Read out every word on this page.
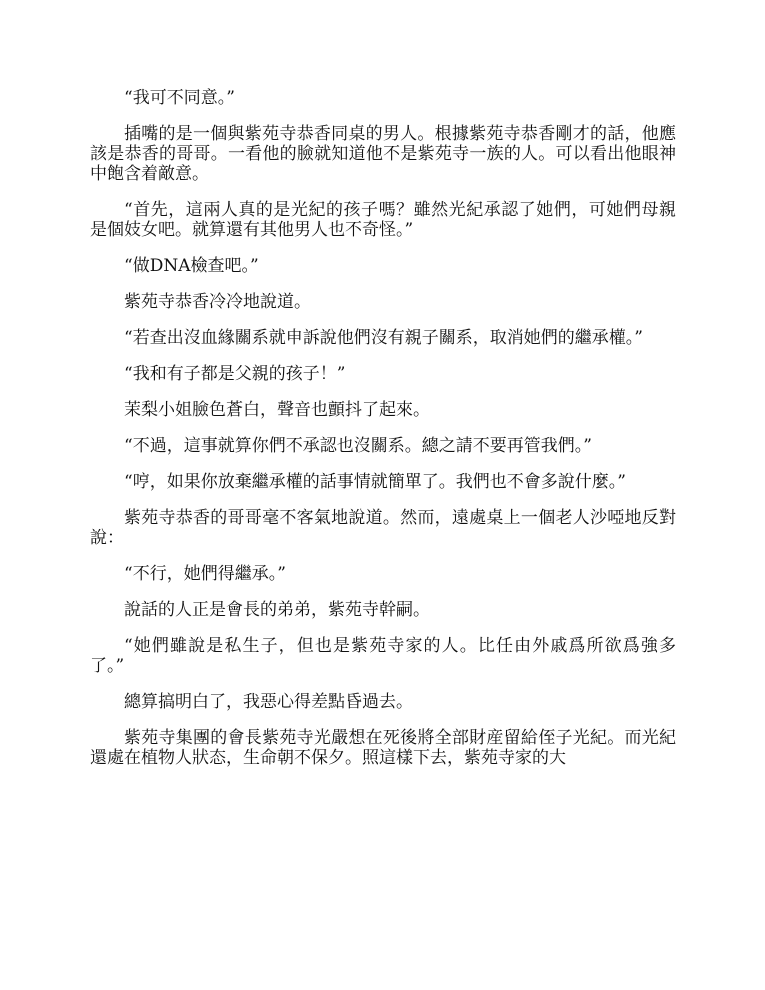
“我可不同意。”

插嘴的是一個與紫苑寺恭香同桌的男人。根據紫苑寺恭香剛才的話，他應該是恭香的哥哥。一看他的臉就知道他不是紫苑寺一族的人。可以看出他眼神中飽含着敵意。

“首先，這兩人真的是光紀的孩子嗎？雖然光紀承認了她們，可她們母親是個妓女吧。就算還有其他男人也不奇怪。”

“做DNA檢查吧。”

紫苑寺恭香冷冷地說道。

“若查出沒血緣關系就申訴說他們沒有親子關系，取消她們的繼承權。”

“我和有子都是父親的孩子！”

茉梨小姐臉色蒼白，聲音也顫抖了起來。

“不過，這事就算你們不承認也沒關系。總之請不要再管我們。”

“哼，如果你放棄繼承權的話事情就簡單了。我們也不會多說什麼。”

紫苑寺恭香的哥哥毫不客氣地說道。然而，遠處桌上一個老人沙啞地反對說：

“不行，她們得繼承。”

說話的人正是會長的弟弟，紫苑寺幹嗣。

“她們雖說是私生子，但也是紫苑寺家的人。比任由外戚爲所欲爲強多了。”

總算搞明白了，我惡心得差點昏過去。

紫苑寺集團的會長紫苑寺光嚴想在死後將全部財産留給侄子光紀。而光紀還處在植物人狀态，生命朝不保夕。照這樣下去，紫苑寺家的大
